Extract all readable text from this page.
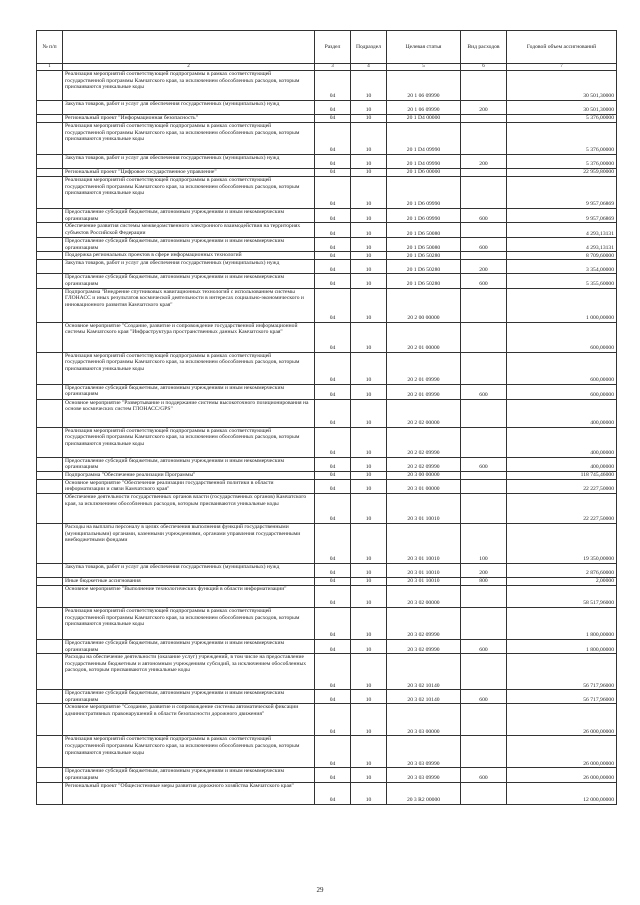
№ п/п		Раздел	Подраздел	Целевая статья	Вид расходов	Годовой объем ассигнований
1	2	3	4	5	6	7
	Реализация мероприятий соответствующей подпрограммы в рамках соответствующей государственной программы Камчатского края, за исключением обособленных расходов, которым присваиваются уникальные коды	04	10	20 1 06 09990		30 501,30000
	Закупка товаров, работ и услуг для обеспечения государственных (муниципальных) нужд	04	10	20 1 06 09990	200	30 501,30000
	Региональный проект "Информационная безопасность"	04	10	20 1 D4 00000		5 376,00000
	Реализация мероприятий соответствующей подпрограммы в рамках соответствующей государственной программы Камчатского края, за исключением обособленных расходов, которым присваиваются уникальные коды	04	10	20 1 D4 09990		5 376,00000
	Закупка товаров, работ и услуг для обеспечения государственных (муниципальных) нужд	04	10	20 1 D4 09990	200	5 376,00000
	Региональный проект "Цифровое государственное управление"	04	10	20 1 D6 00000		22 959,80000
	Реализация мероприятий соответствующей подпрограммы в рамках соответствующей государственной программы Камчатского края, за исключением обособленных расходов, которым присваиваются уникальные коды	04	10	20 1 D6 09990		9 957,06869
	Предоставление субсидий бюджетным, автономным учреждениям и иным некоммерческим организациям	04	10	20 1 D6 09990	600	9 957,06869
	Обеспечение развития системы межведомственного электронного взаимодействия на территориях субъектов Российской Федерации	04	10	20 1 D6 50080		4 293,13131
	Предоставление субсидий бюджетным, автономным учреждениям и иным некоммерческим организациям	04	10	20 1 D6 50080	600	4 293,13131
	Поддержка региональных проектов в сфере информационных технологий	04	10	20 1 D6 50280		8 709,60000
	Закупка товаров, работ и услуг для обеспечения государственных (муниципальных) нужд	04	10	20 1 D6 50280	200	3 354,00000
	Предоставление субсидий бюджетным, автономным учреждениям и иным некоммерческим организациям	04	10	20 1 D6 50280	600	5 355,60000
	Подпрограмма "Внедрение спутниковых навигационных технологий с использованием системы ГЛОНАСС и иных результатов космической деятельности в интересах социально-экономического и инновационного развития Камчатского края"	04	10	20 2 00 00000		1 000,00000
	Основное мероприятие "Создание, развитие и сопровождение государственной информационной системы Камчатского края "Инфраструктура пространственных данных Камчатского края"	04	10	20 2 01 00000		600,00000
	Реализация мероприятий соответствующей подпрограммы в рамках соответствующей государственной программы Камчатского края, за исключением обособленных расходов, которым присваиваются уникальные коды	04	10	20 2 01 09990		600,00000
	Предоставление субсидий бюджетным, автономным учреждениям и иным некоммерческим организациям	04	10	20 2 01 09990	600	600,00000
	Основное мероприятие "Развертывание и поддержание системы высокоточного позиционирования на основе космических систем ГЛОНАСС/GPS"	04	10	20 2 02 00000		400,00000
	Реализация мероприятий соответствующей подпрограммы в рамках соответствующей государственной программы Камчатского края, за исключением обособленных расходов, которым присваиваются уникальные коды	04	10	20 2 02 09990		400,00000
	Предоставление субсидий бюджетным, автономным учреждениям и иным некоммерческим организациям	04	10	20 2 02 09990	600	400,00000
	Подпрограмма "Обеспечение реализации Программы"	04	10	20 3 00 00000		118 745,46000
	Основное мероприятие "Обеспечение реализации государственной политики в области информатизации и связи Камчатского края"	04	10	20 3 01 00000		22 227,50000
	Обеспечение деятельности государственных органов власти (государственных органов) Камчатского края, за исключением обособленных расходов, которым присваиваются уникальные коды	04	10	20 3 01 10010		22 227,50000
	Расходы на выплаты персоналу в целях обеспечения выполнения функций государственными (муниципальными) органами, казенными учреждениями, органами управления государственными внебюджетными фондами	04	10	20 3 01 10010	100	19 350,00000
	Закупка товаров, работ и услуг для обеспечения государственных (муниципальных) нужд	04	10	20 3 01 10010	200	2 876,60000
	Иные бюджетные ассигнования	04	10	20 3 01 10010	800	2,00000
	Основное мероприятие "Выполнение технологических функций в области информатизации"	04	10	20 3 02 00000		58 517,96000
	Реализация мероприятий соответствующей подпрограммы в рамках соответствующей государственной программы Камчатского края, за исключением обособленных расходов, которым присваиваются уникальные коды	04	10	20 3 02 09990		1 800,00000
	Предоставление субсидий бюджетным, автономным учреждениям и иным некоммерческим организациям	04	10	20 3 02 09990	600	1 800,00000
	Расходы на обеспечение деятельности (оказание услуг) учреждений, в том числе на предоставление государственным бюджетным и автономным учреждениям субсидий, за исключением обособленных расходов, которым присваиваются уникальные коды	04	10	20 3 02 10140		56 717,96000
	Предоставление субсидий бюджетным, автономным учреждениям и иным некоммерческим организациям	04	10	20 3 02 10140	600	56 717,96000
	Основное мероприятие "Создание, развитие и сопровождение системы автоматической фиксации административных правонарушений в области безопасности дорожного движения"	04	10	20 3 03 00000		26 000,00000
	Реализация мероприятий соответствующей подпрограммы в рамках соответствующей государственной программы Камчатского края, за исключением обособленных расходов, которым присваиваются уникальные коды	04	10	20 3 03 09990		26 000,00000
	Предоставление субсидий бюджетным, автономным учреждениям и иным некоммерческим организациям	04	10	20 3 03 09990	600	26 000,00000
	Региональный проект "Общесистемные меры развития дорожного хозяйства Камчатского края"	04	10	20 3 R2 00000		12 000,00000
29
